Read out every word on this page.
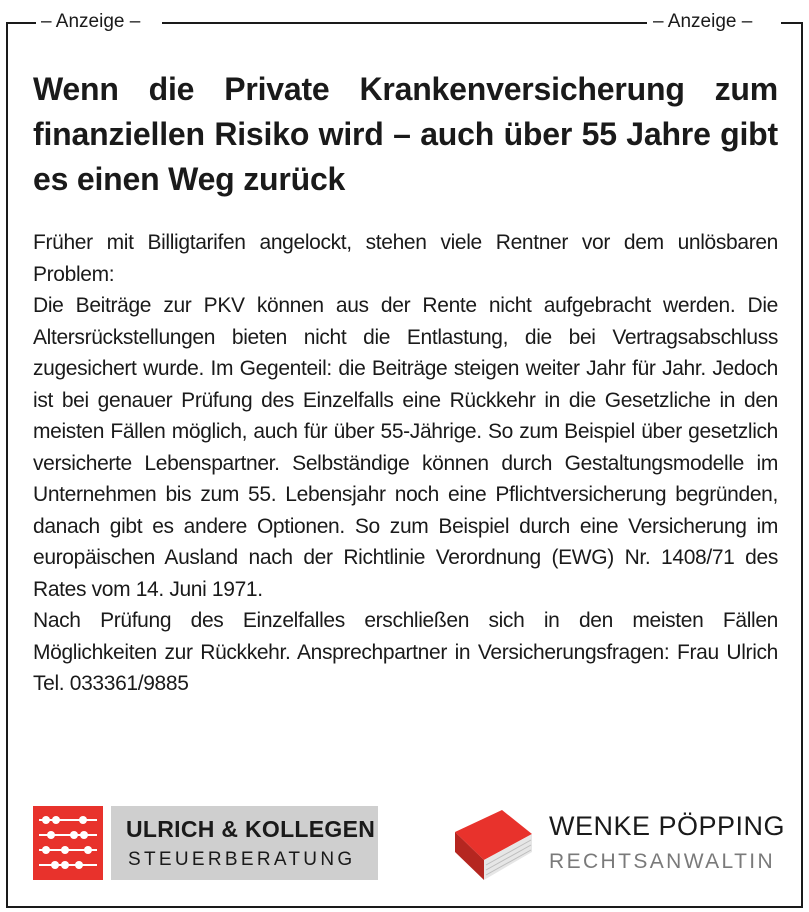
– Anzeige –	– Anzeige –
Wenn die Private Krankenversicherung zum finanziellen Risiko wird – auch über 55 Jahre gibt es einen Weg zurück

Früher mit Billigtarifen angelockt, stehen viele Rentner vor dem unlösbaren Problem:

Die Beiträge zur PKV können aus der Rente nicht aufgebracht werden. Die Altersrückstellungen bieten nicht die Entlastung, die bei Vertragsabschluss zugesichert wurde. Im Gegenteil: die Beiträge steigen weiter Jahr für Jahr. Jedoch ist bei genauer Prüfung des Einzelfalls eine Rückkehr in die Gesetzliche in den meisten Fällen möglich, auch für über 55-Jährige. So zum Beispiel über gesetzlich versicherte Lebenspartner. Selbständige können durch Gestaltungsmodelle im Unternehmen bis zum 55. Lebensjahr noch eine Pflichtversicherung begründen, danach gibt es andere Optionen. So zum Beispiel durch eine Versicherung im europäischen Ausland nach der Richtlinie Verordnung (EWG) Nr. 1408/71 des Rates vom 14. Juni 1971.

Nach Prüfung des Einzelfalles erschließen sich in den meisten Fällen Möglichkeiten zur Rückkehr. Ansprechpartner in Versicherungsfragen: Frau Ulrich Tel. 033361/9885

ULRICH & KOLLEGEN
STEUERBERATUNG
WENKE PÖPPING
RECHTSANWALTIN
